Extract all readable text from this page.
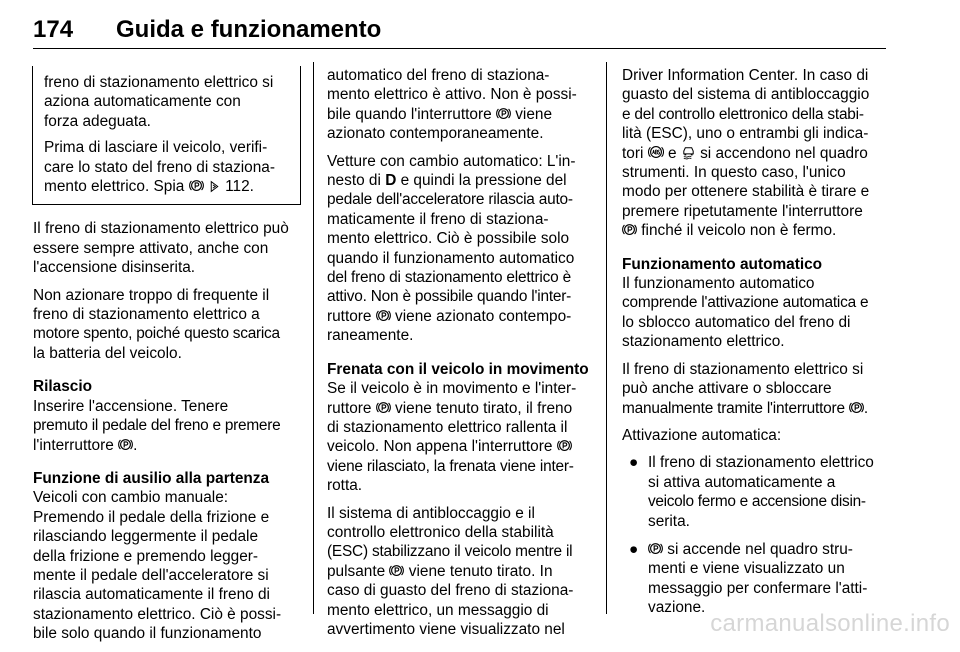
174 Guida e funzionamento

freno di stazionamento elettrico si
aziona automaticamente con
forza adeguata.

Prima di lasciare il veicolo, verifi-
care lo stato del freno di staziona-
mento elettrico. Spia	112.

Il freno di stazionamento elettrico può
essere sempre attivato, anche con
l'accensione disinserita.

Non azionare troppo di frequente il
freno di stazionamento elettrico a
motore spento, poiché questo scarica
la batteria del veicolo.

Rilascio

Inserire l'accensione. Tenere
premuto il pedale del freno e premere
l'interruttore .

Funzione di ausilio alla partenza

Veicoli con cambio manuale:
Premendo il pedale della frizione e
rilasciando leggermente il pedale
della frizione e premendo legger-
mente il pedale dell'acceleratore si
rilascia automaticamente il freno di
stazionamento elettrico. Ciò è possi-
bile solo quando il funzionamento

automatico del freno di staziona-
mento elettrico è attivo. Non è possi-
bile quando l'interruttore viene
azionato contemporaneamente.

Vetture con cambio automatico: L'in-
nesto di D e quindi la pressione del
pedale dell'acceleratore rilascia auto-
maticamente il freno di staziona-
mento elettrico. Ciò è possibile solo
quando il funzionamento automatico
del freno di stazionamento elettrico è
attivo. Non è possibile quando l'inter-
ruttore viene azionato contempo-
raneamente.

Frenata con il veicolo in movimento

Se il veicolo è in movimento e l'inter-
ruttore viene tenuto tirato, il freno
di stazionamento elettrico rallenta il
veicolo. Non appena l'interruttore
viene rilasciato, la frenata viene inter-
rotta.

Il sistema di antibloccaggio e il
controllo elettronico della stabilità
(ESC) stabilizzano il veicolo mentre il
pulsante viene tenuto tirato. In
caso di guasto del freno di staziona-
mento elettrico, un messaggio di
avvertimento viene visualizzato nel

Driver Information Center. In caso di
guasto del sistema di antibloccaggio
e del controllo elettronico della stabi-
lità (ESC), uno o entrambi gli indica-
tori e si accendono nel quadro
strumenti. In questo caso, l'unico
modo per ottenere stabilità è tirare e
premere ripetutamente l'interruttore
finché il veicolo non è fermo.

Funzionamento automatico

Il funzionamento automatico
comprende l'attivazione automatica e
lo sblocco automatico del freno di
stazionamento elettrico.

Il freno di stazionamento elettrico si
può anche attivare o sbloccare
manualmente tramite l'interruttore .

Attivazione automatica:

● Il freno di stazionamento elettrico
si attiva automaticamente a
veicolo fermo e accensione disin-
serita.
●	si accende nel quadro stru-
menti e viene visualizzato un
messaggio per confermare l'atti-
vazione.
carmanualsonline.info
